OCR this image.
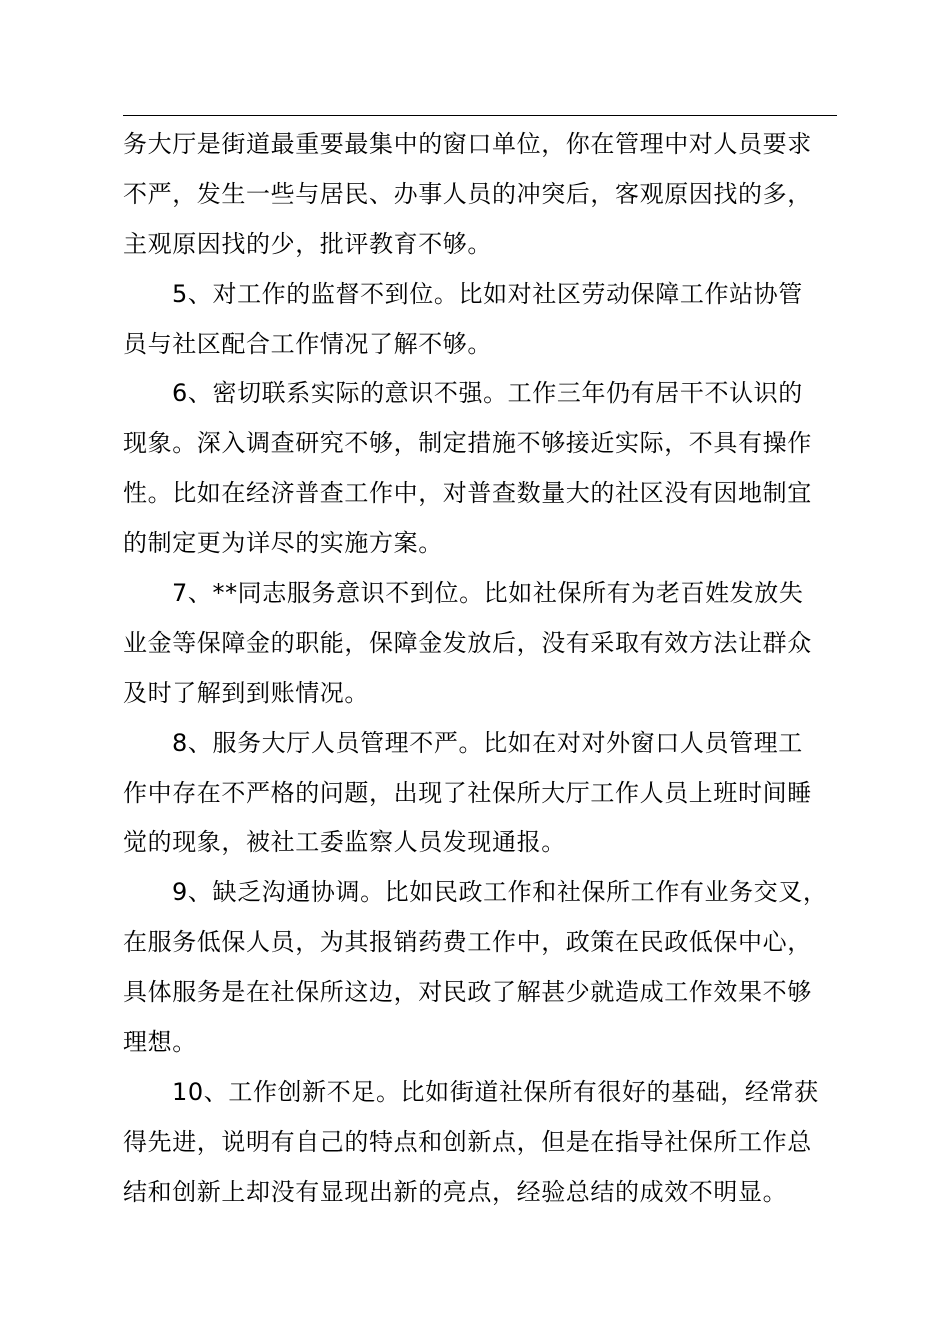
务大厅是街道最重要最集中的窗口单位，你在管理中对人员要求
不严，发生一些与居民、办事人员的冲突后，客观原因找的多，
主观原因找的少，批评教育不够。
5、对工作的监督不到位。比如对社区劳动保障工作站协管
员与社区配合工作情况了解不够。
6、密切联系实际的意识不强。工作三年仍有居干不认识的
现象。深入调查研究不够，制定措施不够接近实际，不具有操作
性。比如在经济普查工作中，对普查数量大的社区没有因地制宜
的制定更为详尽的实施方案。
7、**同志服务意识不到位。比如社保所有为老百姓发放失
业金等保障金的职能，保障金发放后，没有采取有效方法让群众
及时了解到到账情况。
8、服务大厅人员管理不严。比如在对对外窗口人员管理工
作中存在不严格的问题，出现了社保所大厅工作人员上班时间睡
觉的现象，被社工委监察人员发现通报。
9、缺乏沟通协调。比如民政工作和社保所工作有业务交叉，
在服务低保人员，为其报销药费工作中，政策在民政低保中心，
具体服务是在社保所这边，对民政了解甚少就造成工作效果不够
理想。
10、工作创新不足。比如街道社保所有很好的基础，经常获
得先进，说明有自己的特点和创新点，但是在指导社保所工作总
结和创新上却没有显现出新的亮点，经验总结的成效不明显。
